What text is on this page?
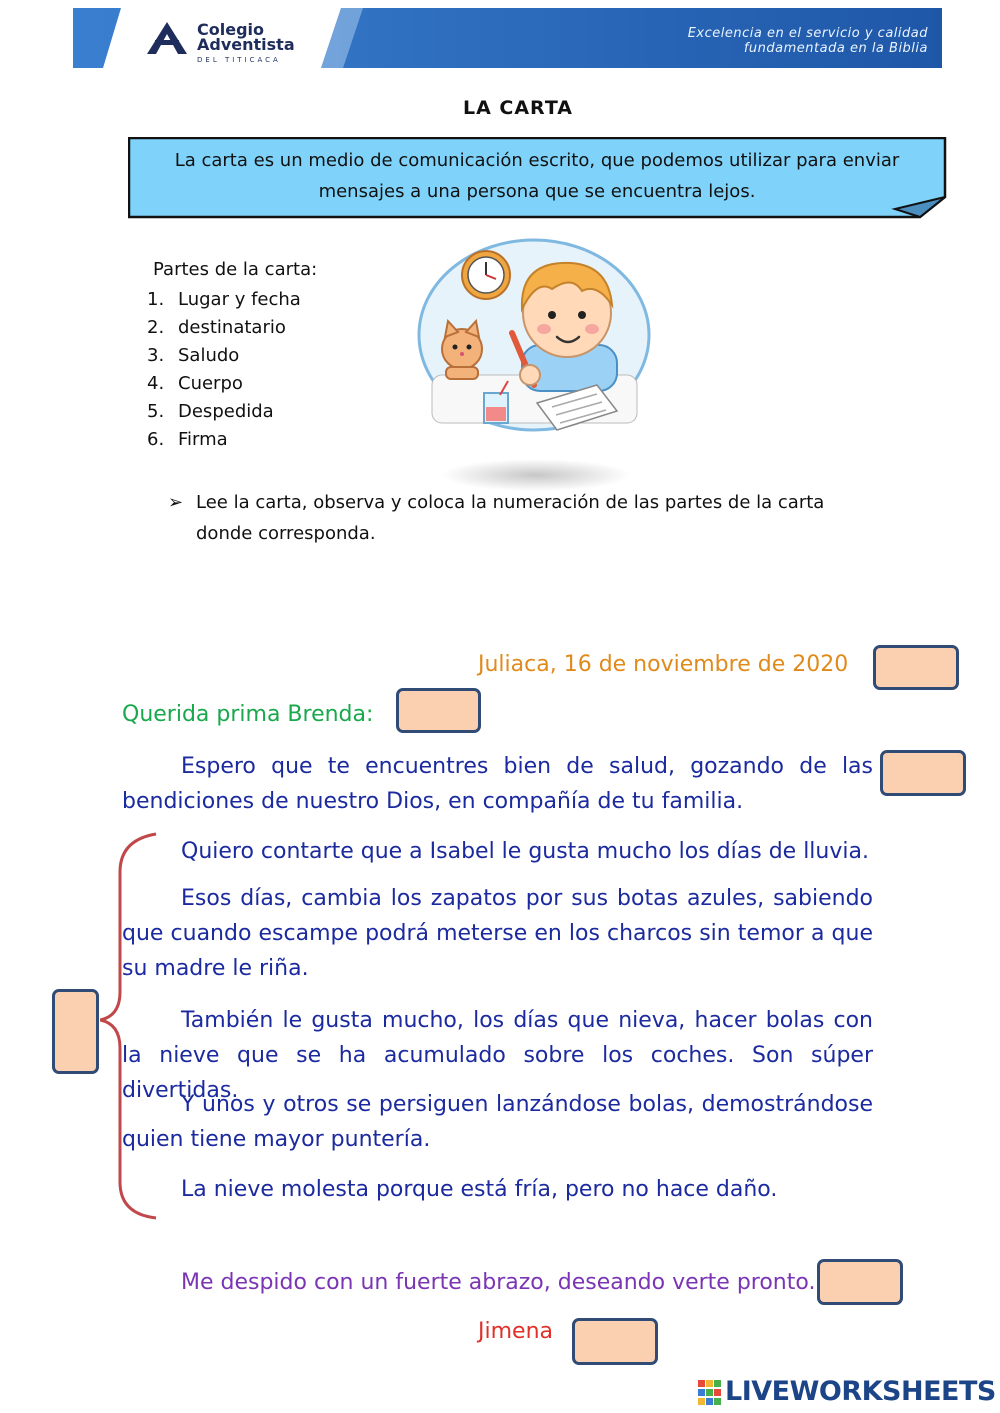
Colegio
Adventista
DEL TITICACA
Excelencia en el servicio y calidad
fundamentada en la Biblia
LA CARTA
La carta es un medio de comunicación escrito, que podemos utilizar para enviar mensajes a una persona que se encuentra lejos.
Partes de la carta:
1. Lugar y fecha
2. destinatario
3. Saludo
4. Cuerpo
5. Despedida
6. Firma
➢ Lee la carta, observa y coloca la numeración de las partes de la carta donde corresponda.
Juliaca, 16 de noviembre de 2020
Querida prima Brenda:
Espero que te encuentres bien de salud, gozando de las bendiciones de nuestro Dios, en compañía de tu familia.
Quiero contarte que a Isabel le gusta mucho los días de lluvia.
Esos días, cambia los zapatos por sus botas azules, sabiendo que cuando escampe podrá meterse en los charcos sin temor a que su madre le riña.
También le gusta mucho, los días que nieva, hacer bolas con la nieve que se ha acumulado sobre los coches. Son súper divertidas.
Y unos y otros se persiguen lanzándose bolas, demostrándose quien tiene mayor puntería.
La nieve molesta porque está fría, pero no hace daño.
Me despido con un fuerte abrazo, deseando verte pronto.
Jimena
LIVEWORKSHEETS
